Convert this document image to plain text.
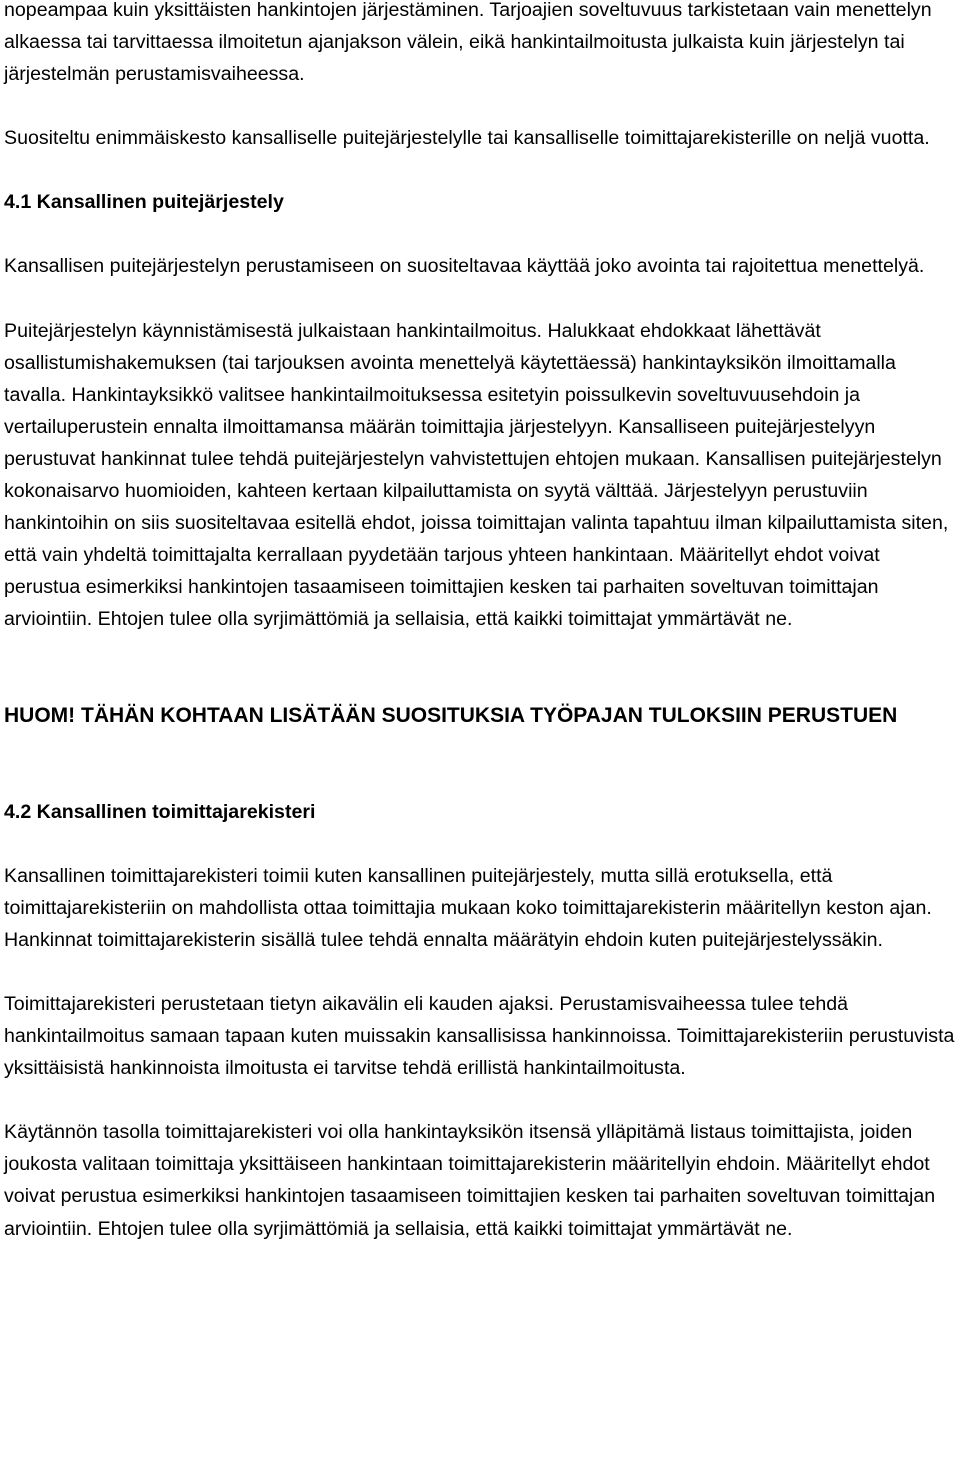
nopeampaa kuin yksittäisten hankintojen järjestäminen. Tarjoajien soveltuvuus tarkistetaan vain menettelyn alkaessa tai tarvittaessa ilmoitetun ajanjakson välein, eikä hankintailmoitusta julkaista kuin järjestelyn tai järjestelmän perustamisvaiheessa.

Suositeltu enimmäiskesto kansalliselle puitejärjestelylle tai kansalliselle toimittajarekisterille on neljä vuotta.

4.1 Kansallinen puitejärjestely

Kansallisen puitejärjestelyn perustamiseen on suositeltavaa käyttää joko avointa tai rajoitettua menettelyä.

Puitejärjestelyn käynnistämisestä julkaistaan hankintailmoitus. Halukkaat ehdokkaat lähettävät osallistumishakemuksen (tai tarjouksen avointa menettelyä käytettäessä) hankintayksikön ilmoittamalla tavalla. Hankintayksikkö valitsee hankintailmoituksessa esitetyin poissulkevin soveltuvuusehdoin ja vertailuperustein ennalta ilmoittamansa määrän toimittajia järjestelyyn. Kansalliseen puitejärjestelyyn perustuvat hankinnat tulee tehdä puitejärjestelyn vahvistettujen ehtojen mukaan. Kansallisen puitejärjestelyn kokonaisarvo huomioiden, kahteen kertaan kilpailuttamista on syytä välttää. Järjestelyyn perustuviin hankintoihin on siis suositeltavaa esitellä ehdot, joissa toimittajan valinta tapahtuu ilman kilpailuttamista siten, että vain yhdeltä toimittajalta kerrallaan pyydetään tarjous yhteen hankintaan. Määritellyt ehdot voivat perustua esimerkiksi hankintojen tasaamiseen toimittajien kesken tai parhaiten soveltuvan toimittajan arviointiin. Ehtojen tulee olla syrjimättömiä ja sellaisia, että kaikki toimittajat ymmärtävät ne.

HUOM! TÄHÄN KOHTAAN LISÄTÄÄN SUOSITUKSIA TYÖPAJAN TULOKSIIN PERUSTUEN

4.2 Kansallinen toimittajarekisteri

Kansallinen toimittajarekisteri toimii kuten kansallinen puitejärjestely, mutta sillä erotuksella, että toimittajarekisteriin on mahdollista ottaa toimittajia mukaan koko toimittajarekisterin määritellyn keston ajan. Hankinnat toimittajarekisterin sisällä tulee tehdä ennalta määrätyin ehdoin kuten puitejärjestelyssäkin.

Toimittajarekisteri perustetaan tietyn aikavälin eli kauden ajaksi. Perustamisvaiheessa tulee tehdä hankintailmoitus samaan tapaan kuten muissakin kansallisissa hankinnoissa. Toimittajarekisteriin perustuvista yksittäisistä hankinnoista ilmoitusta ei tarvitse tehdä erillistä hankintailmoitusta.

Käytännön tasolla toimittajarekisteri voi olla hankintayksikön itsensä ylläpitämä listaus toimittajista, joiden joukosta valitaan toimittaja yksittäiseen hankintaan toimittajarekisterin määritellyin ehdoin. Määritellyt ehdot voivat perustua esimerkiksi hankintojen tasaamiseen toimittajien kesken tai parhaiten soveltuvan toimittajan arviointiin. Ehtojen tulee olla syrjimättömiä ja sellaisia, että kaikki toimittajat ymmärtävät ne.
